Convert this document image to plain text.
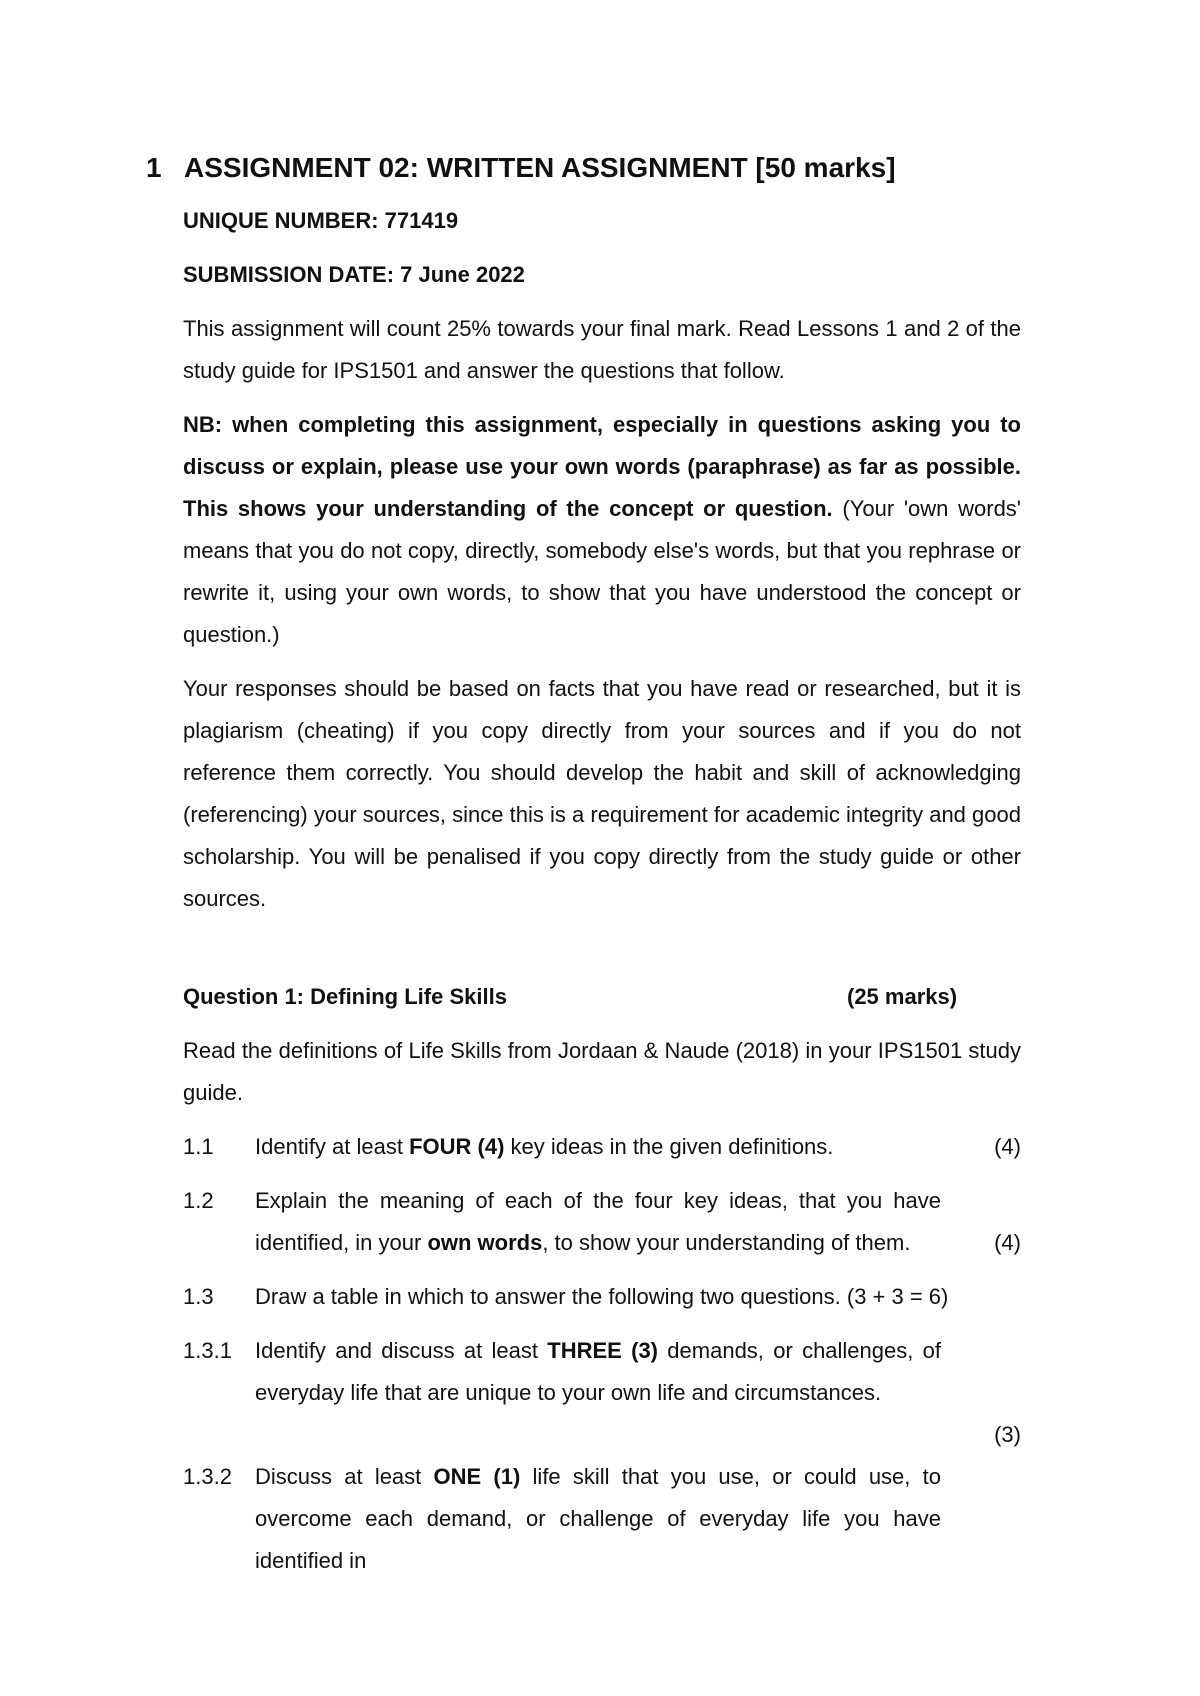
1 ASSIGNMENT 02: WRITTEN ASSIGNMENT [50 marks]
UNIQUE NUMBER: 771419
SUBMISSION DATE: 7 June 2022

This assignment will count 25% towards your final mark. Read Lessons 1 and 2 of the study guide for IPS1501 and answer the questions that follow.

NB: when completing this assignment, especially in questions asking you to discuss or explain, please use your own words (paraphrase) as far as possible. This shows your understanding of the concept or question. (Your 'own words' means that you do not copy, directly, somebody else's words, but that you rephrase or rewrite it, using your own words, to show that you have understood the concept or question.)

Your responses should be based on facts that you have read or researched, but it is plagiarism (cheating) if you copy directly from your sources and if you do not reference them correctly. You should develop the habit and skill of acknowledging (referencing) your sources, since this is a requirement for academic integrity and good scholarship. You will be penalised if you copy directly from the study guide or other sources.

Question 1: Defining Life Skills	(25 marks)

Read the definitions of Life Skills from Jordaan & Naude (2018) in your IPS1501 study guide.

1.1 Identify at least FOUR (4) key ideas in the given definitions.	(4)
1.2 Explain the meaning of each of the four key ideas, that you have identified, in your own words, to show your understanding of them.	(4)
1.3 Draw a table in which to answer the following two questions. (3 + 3 = 6)
1.3.1 Identify and discuss at least THREE (3) demands, or challenges, of everyday life that are unique to your own life and circumstances.
(3)
1.3.2 Discuss at least ONE (1) life skill that you use, or could use, to overcome each demand, or challenge of everyday life you have identified in
